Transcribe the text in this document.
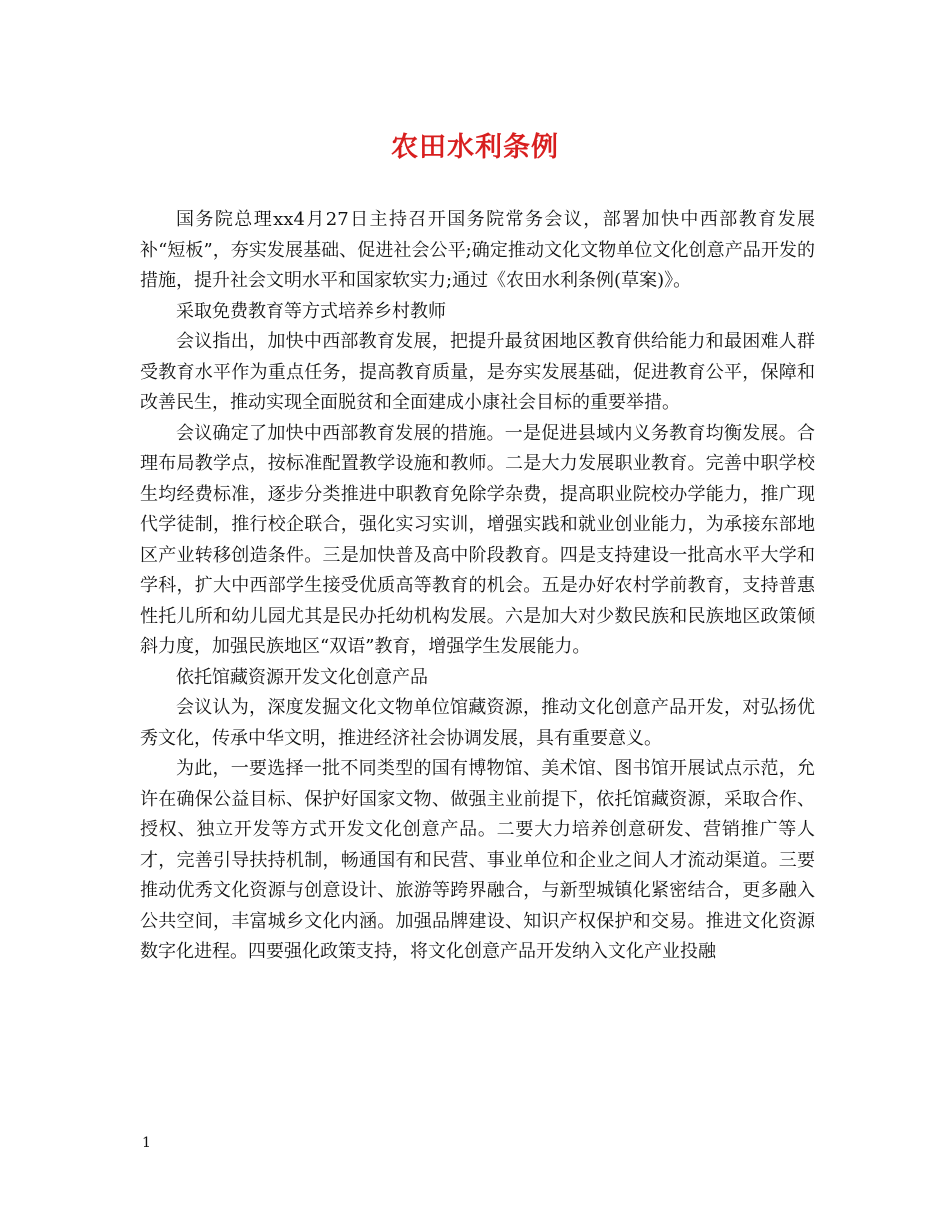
农田水利条例

国务院总理xx4月27日主持召开国务院常务会议，部署加快中西部教育发展补“短板”，夯实发展基础、促进社会公平;确定推动文化文物单位文化创意产品开发的措施，提升社会文明水平和国家软实力;通过《农田水利条例(草案)》。

采取免费教育等方式培养乡村教师

会议指出，加快中西部教育发展，把提升最贫困地区教育供给能力和最困难人群受教育水平作为重点任务，提高教育质量，是夯实发展基础，促进教育公平，保障和改善民生，推动实现全面脱贫和全面建成小康社会目标的重要举措。

会议确定了加快中西部教育发展的措施。一是促进县域内义务教育均衡发展。合理布局教学点，按标准配置教学设施和教师。二是大力发展职业教育。完善中职学校生均经费标准，逐步分类推进中职教育免除学杂费，提高职业院校办学能力，推广现代学徒制，推行校企联合，强化实习实训，增强实践和就业创业能力，为承接东部地区产业转移创造条件。三是加快普及高中阶段教育。四是支持建设一批高水平大学和学科，扩大中西部学生接受优质高等教育的机会。五是办好农村学前教育，支持普惠性托儿所和幼儿园尤其是民办托幼机构发展。六是加大对少数民族和民族地区政策倾斜力度，加强民族地区“双语”教育，增强学生发展能力。

依托馆藏资源开发文化创意产品

会议认为，深度发掘文化文物单位馆藏资源，推动文化创意产品开发，对弘扬优秀文化，传承中华文明，推进经济社会协调发展，具有重要意义。

为此，一要选择一批不同类型的国有博物馆、美术馆、图书馆开展试点示范，允许在确保公益目标、保护好国家文物、做强主业前提下，依托馆藏资源，采取合作、授权、独立开发等方式开发文化创意产品。二要大力培养创意研发、营销推广等人才，完善引导扶持机制，畅通国有和民营、事业单位和企业之间人才流动渠道。三要推动优秀文化资源与创意设计、旅游等跨界融合，与新型城镇化紧密结合，更多融入公共空间，丰富城乡文化内涵。加强品牌建设、知识产权保护和交易。推进文化资源数字化进程。四要强化政策支持，将文化创意产品开发纳入文化产业投融

1
